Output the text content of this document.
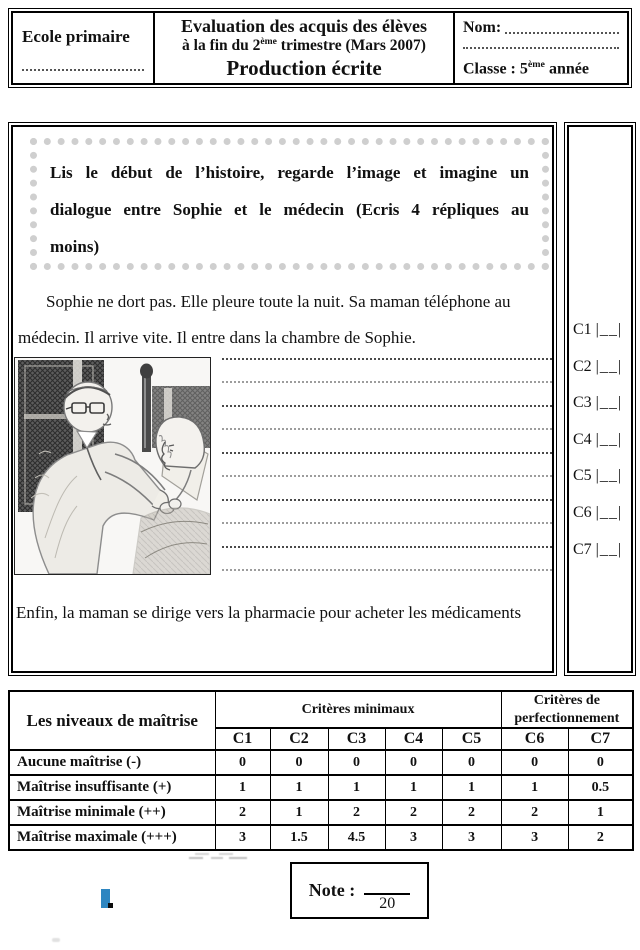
Ecole primaire
Evaluation des acquis des élèves
à la fin du 2ème trimestre (Mars 2007)
Production écrite
Nom:
Classe : 5ème année
Lis le début de l’histoire, regarde l’image et imagine un dialogue entre Sophie et le médecin (Ecris 4 répliques au moins)

Sophie ne dort pas. Elle pleure toute la nuit. Sa maman téléphone au médecin. Il arrive vite. Il entre dans la chambre de Sophie.

Enfin, la maman se dirige vers la pharmacie pour acheter les médicaments

C1 |__|
C2 |__|
C3 |__|
C4 |__|
C5 |__|
C6 |__|
C7 |__|
Les niveaux de maîtrise	Critères minimaux					Critères de perfectionnement	
	C1	C2	C3	C4	C5	C6	C7
Aucune maîtrise (-)	0	0	0	0	0	0	0
Maîtrise insuffisante (+)	1	1	1	1	1	1	0.5
Maîtrise minimale (++)	2	1	2	2	2	2	1
Maîtrise maximale (+++)	3	1.5	4.5	3	3	3	2
Note :
20
